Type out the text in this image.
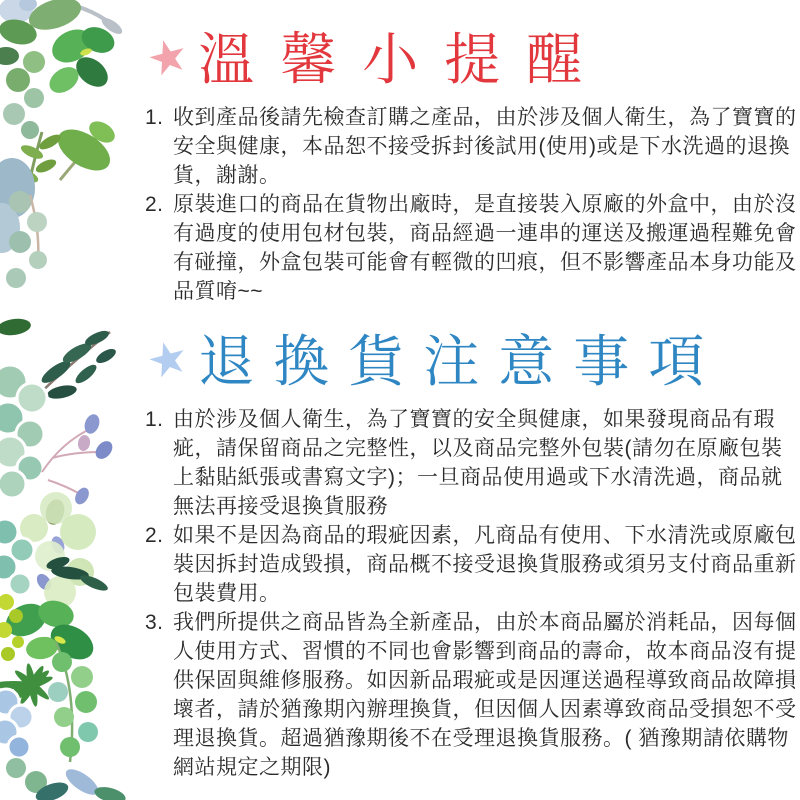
★ 溫馨小提醒
1. 收到產品後請先檢查訂購之產品，由於涉及個人衛生，為了寶寶的安全與健康，本品恕不接受拆封後試用(使用)或是下水洗過的退換貨，謝謝。
2. 原裝進口的商品在貨物出廠時，是直接裝入原廠的外盒中，由於沒有過度的使用包材包裝，商品經過一連串的運送及搬運過程難免會有碰撞，外盒包裝可能會有輕微的凹痕，但不影響產品本身功能及品質唷~~
★ 退換貨注意事項
1. 由於涉及個人衛生，為了寶寶的安全與健康，如果發現商品有瑕疵，請保留商品之完整性，以及商品完整外包裝(請勿在原廠包裝上黏貼紙張或書寫文字)；一旦商品使用過或下水清洗過，商品就無法再接受退換貨服務
2. 如果不是因為商品的瑕疵因素，凡商品有使用、下水清洗或原廠包裝因拆封造成毀損，商品概不接受退換貨服務或須另支付商品重新包裝費用。
3. 我們所提供之商品皆為全新產品，由於本商品屬於消耗品，因每個人使用方式、習慣的不同也會影響到商品的壽命，故本商品沒有提供保固與維修服務。如因新品瑕疵或是因運送過程導致商品故障損壞者，請於猶豫期內辦理換貨，但因個人因素導致商品受損恕不受理退換貨。超過猶豫期後不在受理退換貨服務。( 猶豫期請依購物網站規定之期限)
